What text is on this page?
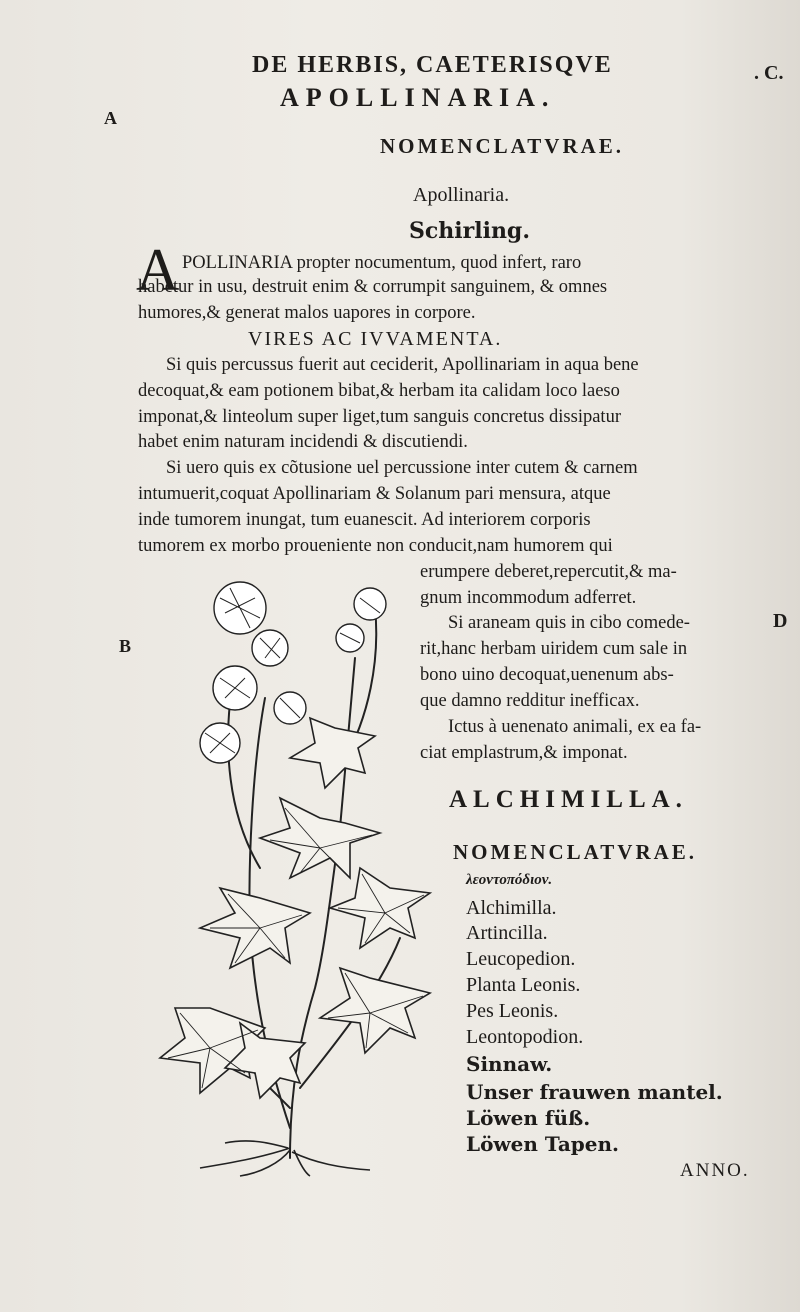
DE HERBIS, CAETERISQVE	. C.
A
B
D
APOLLINARIA.
NOMENCLATVRAE.
Apollinaria.
Schirling.
A POLLINARIA propter nocumentum, quod infert, raro
habetur in usu, destruit enim & corrumpit sanguinem, & omnes
humores,& generat malos uapores in corpore.
VIRES AC IVVAMENTA.
Si quis percussus fuerit aut ceciderit, Apollinariam in aqua bene
decoquat,& eam potionem bibat,& herbam ita calidam loco laeso
imponat,& linteolum super liget,tum sanguis concretus dissipatur
habet enim naturam incidendi & discutiendi.
Si uero quis ex cõtusione uel percussione inter cutem & carnem
intumuerit,coquat Apollinariam & Solanum pari mensura, atque
inde tumorem inungat, tum euanescit. Ad interiorem corporis
tumorem ex morbo proueniente non conducit,nam humorem qui
erumpere deberet,repercutit,& ma-
gnum incommodum adferret.
Si araneam quis in cibo comede-
rit,hanc herbam uiridem cum sale in
bono uino decoquat,uenenum abs-
que damno redditur inefficax.
Ictus à uenenato animali, ex ea fa-
ciat emplastrum,& imponat.
ALCHIMILLA.
NOMENCLATVRAE.
λεοντοπόδιον.
Alchimilla.
Artincilla.
Leucopedion.
Planta Leonis.
Pes Leonis.
Leontopodion.
Sinnaw.
Unser frauwen mantel.
Löwen füß.
Löwen Tapen.
ANNO.
